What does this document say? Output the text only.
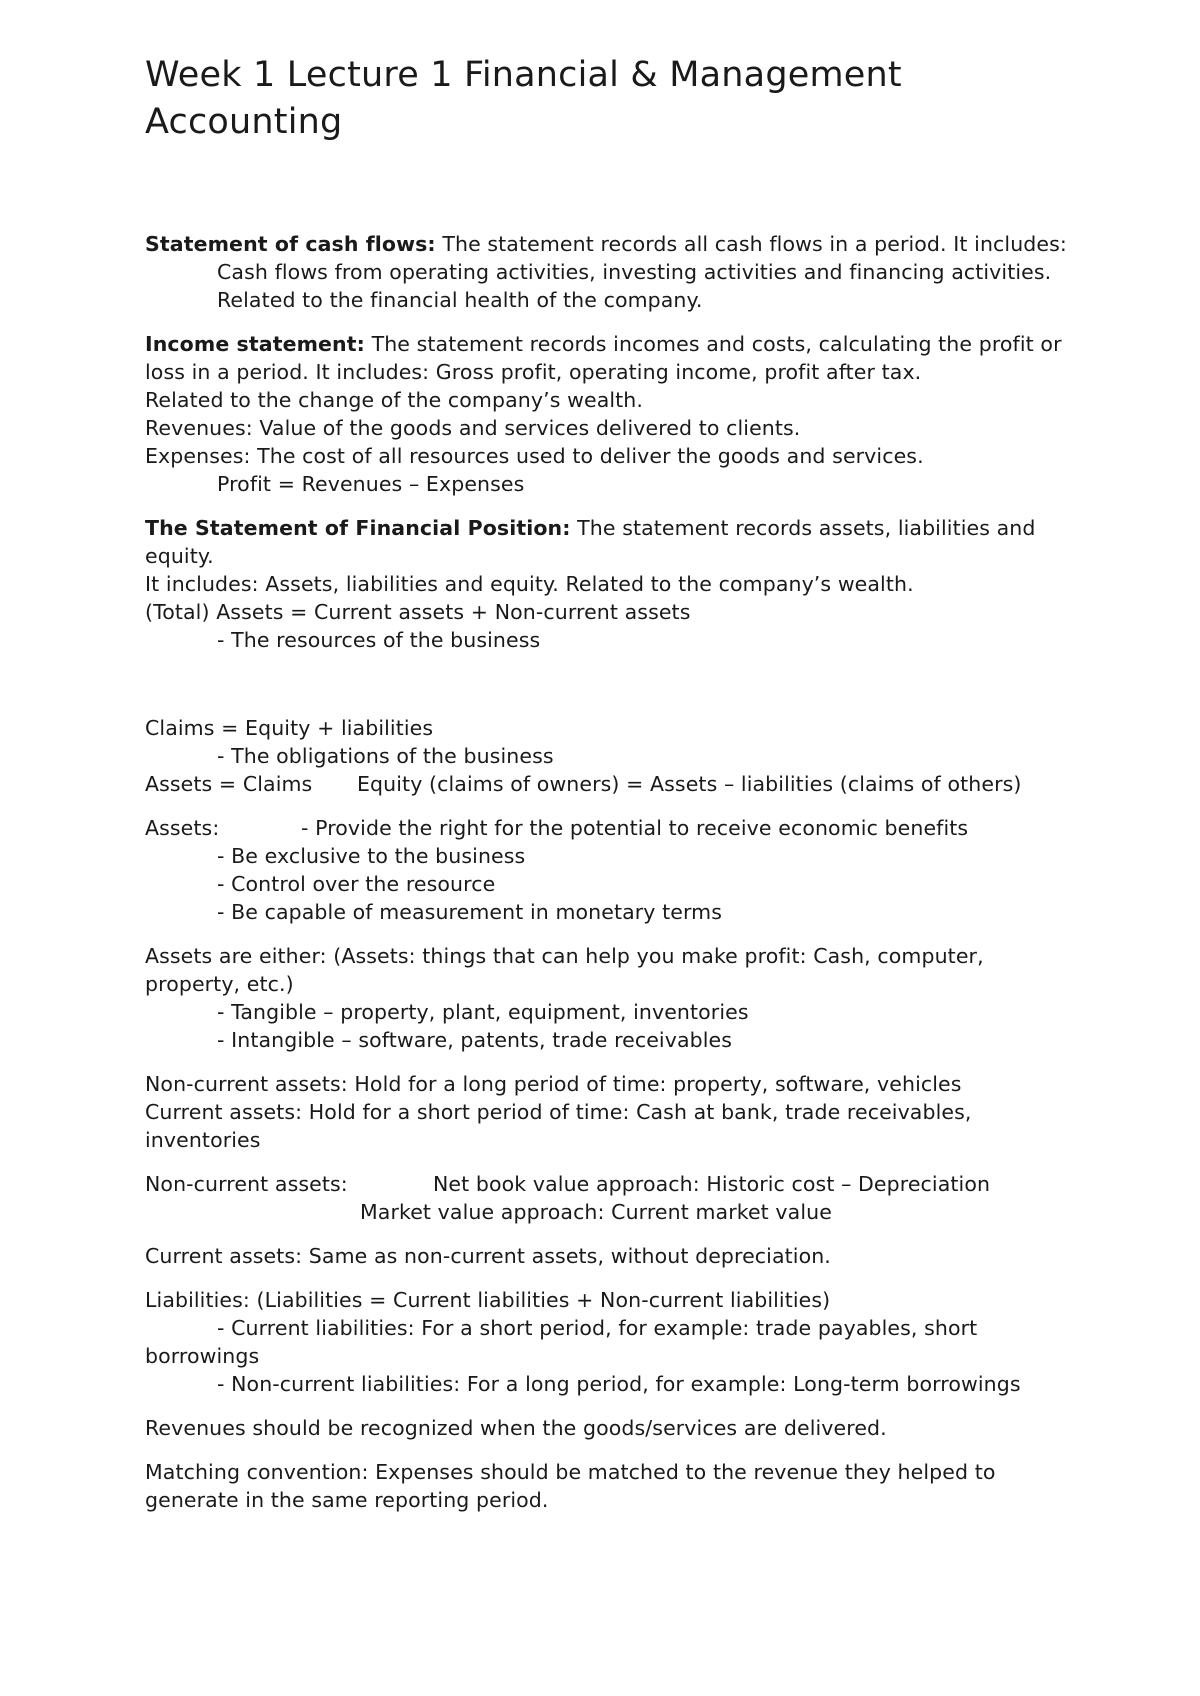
Week 1 Lecture 1 Financial & Management Accounting
Statement of cash flows: The statement records all cash flows in a period. It includes:
Cash flows from operating activities, investing activities and financing activities.
Related to the financial health of the company.
Income statement: The statement records incomes and costs, calculating the profit or loss in a period. It includes: Gross profit, operating income, profit after tax.
Related to the change of the company’s wealth.
Revenues: Value of the goods and services delivered to clients.
Expenses: The cost of all resources used to deliver the goods and services.
Profit = Revenues – Expenses
The Statement of Financial Position: The statement records assets, liabilities and equity.
It includes: Assets, liabilities and equity. Related to the company’s wealth.
(Total) Assets = Current assets + Non-current assets
- The resources of the business
Claims = Equity + liabilities
- The obligations of the business
Assets = Claims Equity (claims of owners) = Assets – liabilities (claims of others)
Assets:	- Provide the right for the potential to receive economic benefits
- Be exclusive to the business
- Control over the resource
- Be capable of measurement in monetary terms
Assets are either: (Assets: things that can help you make profit: Cash, computer, property, etc.)
- Tangible – property, plant, equipment, inventories
- Intangible – software, patents, trade receivables
Non-current assets: Hold for a long period of time: property, software, vehicles
Current assets: Hold for a short period of time: Cash at bank, trade receivables, inventories
Non-current assets:	Net book value approach: Historic cost – Depreciation
Market value approach: Current market value
Current assets: Same as non-current assets, without depreciation.
Liabilities: (Liabilities = Current liabilities + Non-current liabilities)
- Current liabilities: For a short period, for example: trade payables, short borrowings
- Non-current liabilities: For a long period, for example: Long-term borrowings
Revenues should be recognized when the goods/services are delivered.
Matching convention: Expenses should be matched to the revenue they helped to generate in the same reporting period.
